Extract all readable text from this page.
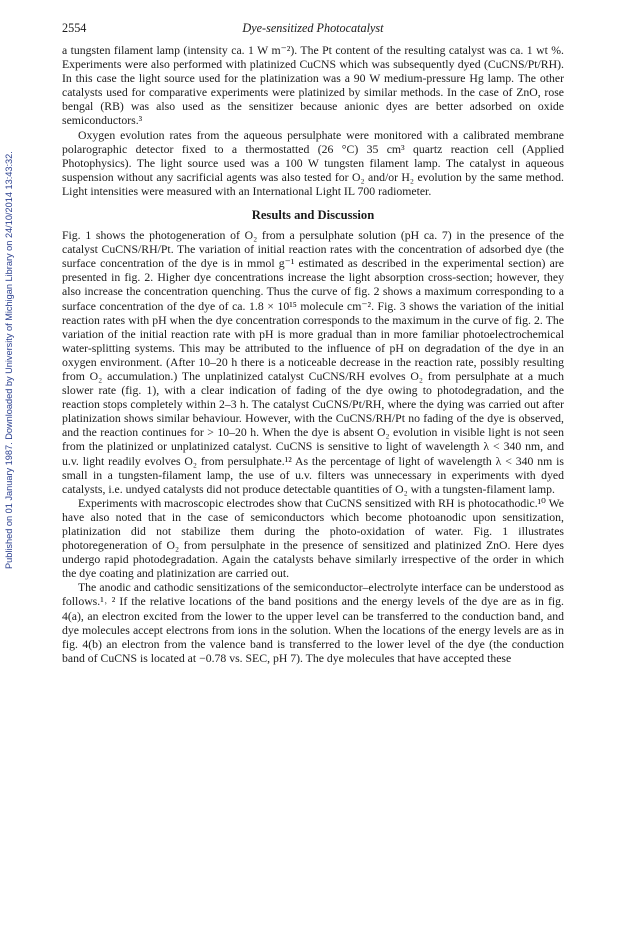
2554	Dye-sensitized Photocatalyst
Published on 01 January 1987. Downloaded by University of Michigan Library on 24/10/2014 13:43:32.

a tungsten filament lamp (intensity ca. 1 W m⁻²). The Pt content of the resulting catalyst was ca. 1 wt %. Experiments were also performed with platinized CuCNS which was subsequently dyed (CuCNS/Pt/RH). In this case the light source used for the platinization was a 90 W medium-pressure Hg lamp. The other catalysts used for comparative experiments were platinized by similar methods. In the case of ZnO, rose bengal (RB) was also used as the sensitizer because anionic dyes are better adsorbed on oxide semiconductors.³

Oxygen evolution rates from the aqueous persulphate were monitored with a calibrated membrane polarographic detector fixed to a thermostatted (26 °C) 35 cm³ quartz reaction cell (Applied Photophysics). The light source used was a 100 W tungsten filament lamp. The catalyst in aqueous suspension without any sacrificial agents was also tested for O₂ and/or H₂ evolution by the same method. Light intensities were measured with an International Light IL 700 radiometer.

Results and Discussion

Fig. 1 shows the photogeneration of O₂ from a persulphate solution (pH ca. 7) in the presence of the catalyst CuCNS/RH/Pt. The variation of initial reaction rates with the concentration of adsorbed dye (the surface concentration of the dye is in mmol g⁻¹ estimated as described in the experimental section) are presented in fig. 2. Higher dye concentrations increase the light absorption cross-section; however, they also increase the concentration quenching. Thus the curve of fig. 2 shows a maximum corresponding to a surface concentration of the dye of ca. 1.8 × 10¹⁵ molecule cm⁻². Fig. 3 shows the variation of the initial reaction rates with pH when the dye concentration corresponds to the maximum in the curve of fig. 2. The variation of the initial reaction rate with pH is more gradual than in more familiar photoelectrochemical water-splitting systems. This may be attributed to the influence of pH on degradation of the dye in an oxygen environment. (After 10–20 h there is a noticeable decrease in the reaction rate, possibly resulting from O₂ accumulation.) The unplatinized catalyst CuCNS/RH evolves O₂ from persulphate at a much slower rate (fig. 1), with a clear indication of fading of the dye owing to photodegradation, and the reaction stops completely within 2–3 h. The catalyst CuCNS/Pt/RH, where the dying was carried out after platinization shows similar behaviour. However, with the CuCNS/RH/Pt no fading of the dye is observed, and the reaction continues for > 10–20 h. When the dye is absent O₂ evolution in visible light is not seen from the platinized or unplatinized catalyst. CuCNS is sensitive to light of wavelength λ < 340 nm, and u.v. light readily evolves O₂ from persulphate.¹² As the percentage of light of wavelength λ < 340 nm is small in a tungsten-filament lamp, the use of u.v. filters was unnecessary in experiments with dyed catalysts, i.e. undyed catalysts did not produce detectable quantities of O₂ with a tungsten-filament lamp.

Experiments with macroscopic electrodes show that CuCNS sensitized with RH is photocathodic.¹⁰ We have also noted that in the case of semiconductors which become photoanodic upon sensitization, platinization did not stabilize them during the photo-oxidation of water. Fig. 1 illustrates photoregeneration of O₂ from persulphate in the presence of sensitized and platinized ZnO. Here dyes undergo rapid photodegradation. Again the catalysts behave similarly irrespective of the order in which the dye coating and platinization are carried out.

The anodic and cathodic sensitizations of the semiconductor–electrolyte interface can be understood as follows.¹˒ ² If the relative locations of the band positions and the energy levels of the dye are as in fig. 4(a), an electron excited from the lower to the upper level can be transferred to the conduction band, and dye molecules accept electrons from ions in the solution. When the locations of the energy levels are as in fig. 4(b) an electron from the valence band is transferred to the lower level of the dye (the conduction band of CuCNS is located at −0.78 vs. SEC, pH 7). The dye molecules that have accepted these
